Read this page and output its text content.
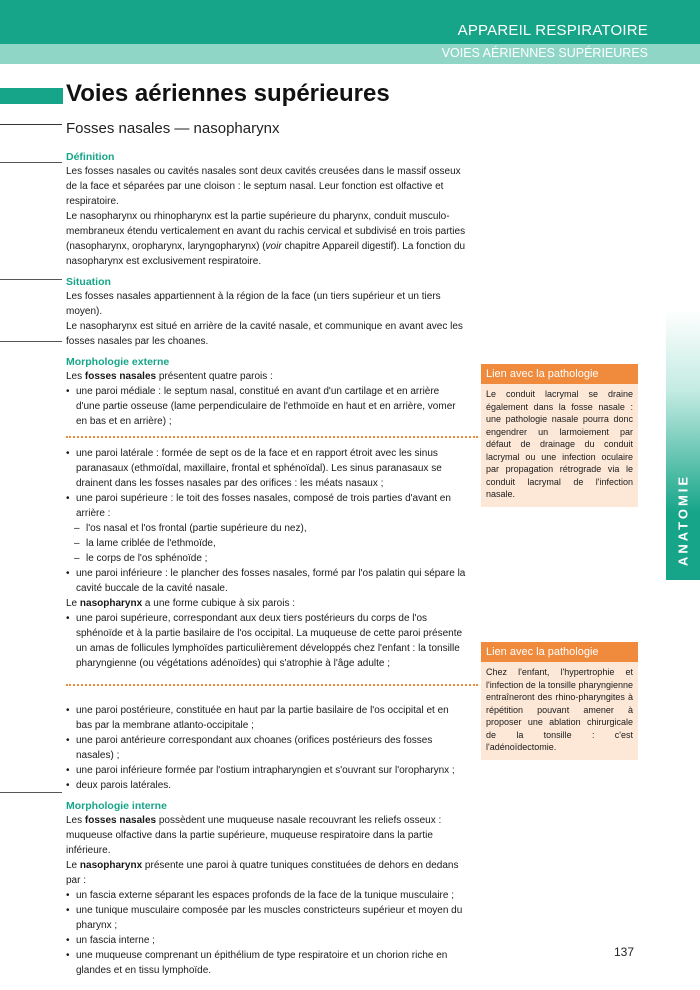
APPAREIL RESPIRATOIRE
VOIES AÉRIENNES SUPÉRIEURES
ANATOMIE
Voies aériennes supérieures
Fosses nasales — nasopharynx
Définition

Les fosses nasales ou cavités nasales sont deux cavités creusées dans le massif osseux de la face et séparées par une cloison : le septum nasal. Leur fonction est olfactive et respiratoire.

Le nasopharynx ou rhinopharynx est la partie supérieure du pharynx, conduit musculo-membraneux étendu verticalement en avant du rachis cervical et subdivisé en trois parties (nasopharynx, oropharynx, laryngopharynx) (voir chapitre Appareil digestif). La fonction du nasopharynx est exclusivement respiratoire.

Situation

Les fosses nasales appartiennent à la région de la face (un tiers supérieur et un tiers moyen).

Le nasopharynx est situé en arrière de la cavité nasale, et communique en avant avec les fosses nasales par les choanes.

Morphologie externe

Les fosses nasales présentent quatre parois :

• une paroi médiale : le septum nasal, constitué en avant d'un cartilage et en arrière d'une partie osseuse (lame perpendiculaire de l'ethmoïde en haut et en arrière, vomer en bas et en arrière) ;
• une paroi latérale : formée de sept os de la face et en rapport étroit avec les sinus paranasaux (ethmoïdal, maxillaire, frontal et sphénoïdal). Les sinus paranasaux se drainent dans les fosses nasales par des orifices : les méats nasaux ;
• une paroi supérieure : le toit des fosses nasales, composé de trois parties d'avant en arrière :
– l'os nasal et l'os frontal (partie supérieure du nez),
– la lame criblée de l'ethmoïde,
– le corps de l'os sphénoïde ;
• une paroi inférieure : le plancher des fosses nasales, formé par l'os palatin qui sépare la cavité buccale de la cavité nasale.

Le nasopharynx a une forme cubique à six parois :

• une paroi supérieure, correspondant aux deux tiers postérieurs du corps de l'os sphénoïde et à la partie basilaire de l'os occipital. La muqueuse de cette paroi présente un amas de follicules lymphoïdes particulièrement développés chez l'enfant : la tonsille pharyngienne (ou végétations adénoïdes) qui s'atrophie à l'âge adulte ;
• une paroi postérieure, constituée en haut par la partie basilaire de l'os occipital et en bas par la membrane atlanto-occipitale ;
• une paroi antérieure correspondant aux choanes (orifices postérieurs des fosses nasales) ;
• une paroi inférieure formée par l'ostium intrapharyngien et s'ouvrant sur l'oropharynx ;
• deux parois latérales.
Morphologie interne

Les fosses nasales possèdent une muqueuse nasale recouvrant les reliefs osseux : muqueuse olfactive dans la partie supérieure, muqueuse respiratoire dans la partie inférieure.

Le nasopharynx présente une paroi à quatre tuniques constituées de dehors en dedans par :

• un fascia externe séparant les espaces profonds de la face de la tunique musculaire ;
• une tunique musculaire composée par les muscles constricteurs supérieur et moyen du pharynx ;
• un fascia interne ;
• une muqueuse comprenant un épithélium de type respiratoire et un chorion riche en glandes et en tissu lymphoïde.
Lien avec la pathologie
Le conduit lacrymal se draine également dans la fosse nasale : une pathologie nasale pourra donc engendrer un larmoiement par défaut de drainage du conduit lacrymal ou une infection oculaire par propagation rétrograde via le conduit lacrymal de l'infection nasale.
Lien avec la pathologie
Chez l'enfant, l'hypertrophie et l'infection de la tonsille pharyngienne entraîneront des rhino-pharyngites à répétition pouvant amener à proposer une ablation chirurgicale de la tonsille : c'est l'adénoïdectomie.
137
